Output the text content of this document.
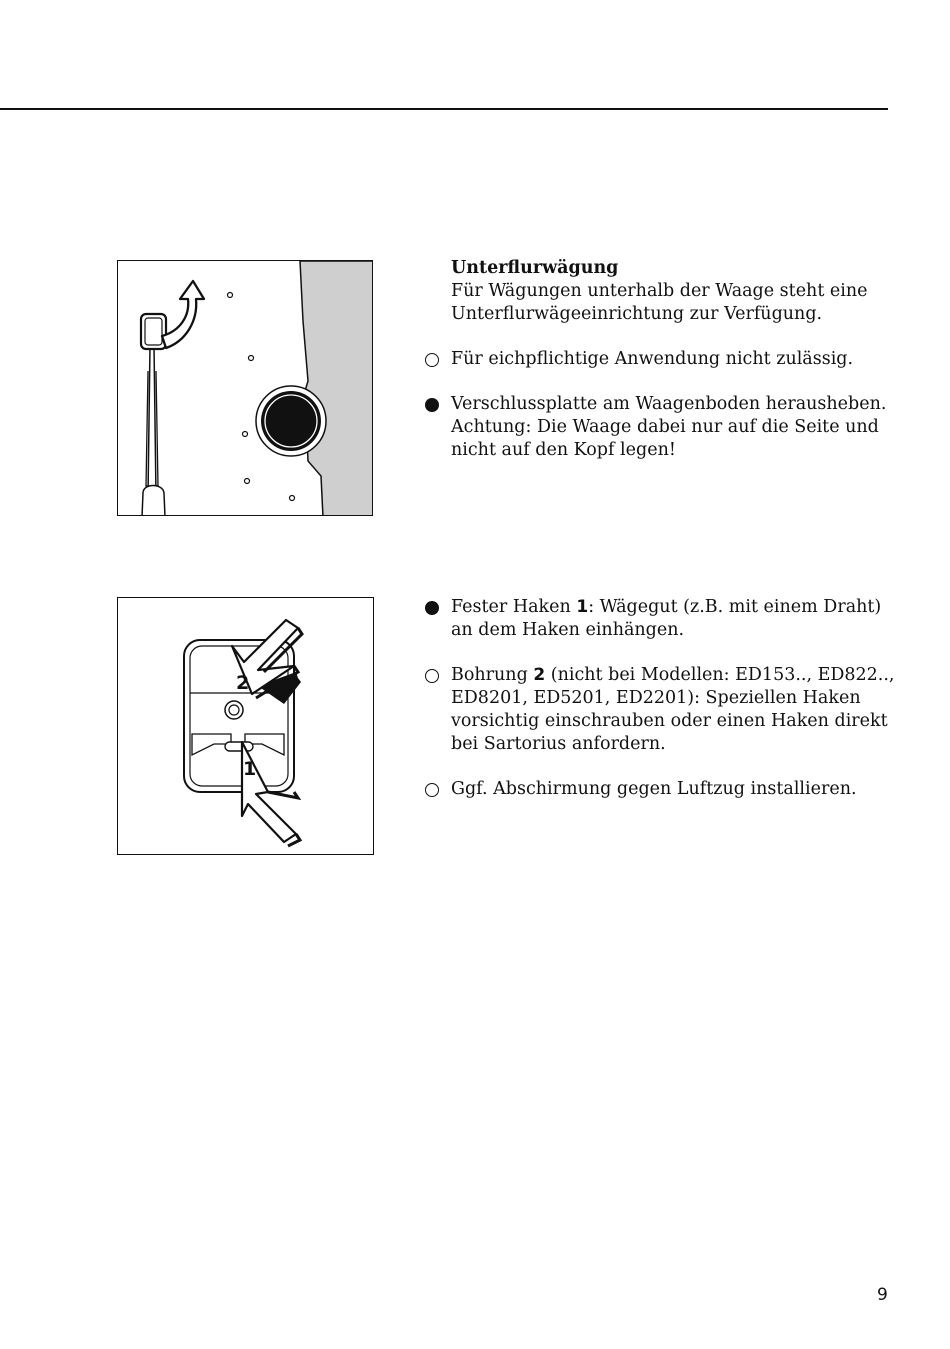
2
1
Unterflurwägung
Für Wägungen unterhalb der Waage steht eine Unterflurwägeeinrichtung zur Verfügung.
Für eichpflichtige Anwendung nicht zulässig.
Verschlussplatte am Waagenboden herausheben. Achtung: Die Waage dabei nur auf die Seite und nicht auf den Kopf legen!
Fester Haken 1: Wägegut (z.B. mit einem Draht) an dem Haken einhängen.
Bohrung 2 (nicht bei Modellen: ED153.., ED822.., ED8201, ED5201, ED2201): Speziellen Haken vorsichtig einschrauben oder einen Haken direkt bei Sartorius anfordern.
Ggf. Abschirmung gegen Luftzug installieren.
9
